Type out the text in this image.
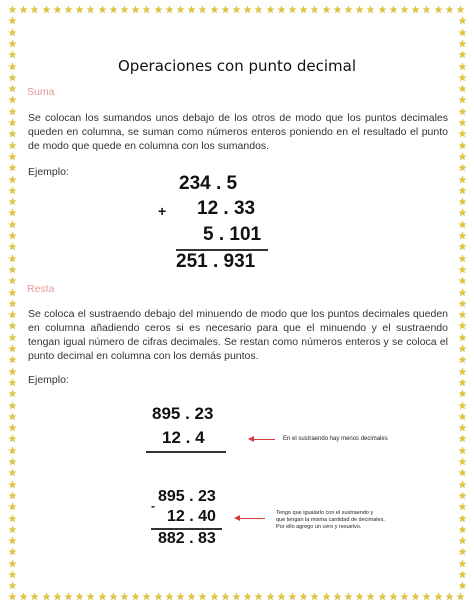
★
★
★
★
★
★
★
★
★
★
★
★
★
★
★
★
★
★
★
★
★
★
★
★
★
★
★
★
★
★
★
★
★
★
★
★
★
★
★
★
★
★
★
★
★
★
★
★
★
★
★
★
★
★
★
★
★
★
★
★
★
★
★
★
★
★
★
★
★
★
★
★
★
★
★
★
★
★
★
★
★
★
★	★
★	★
★	★
★	★
★	★
★	★
★	★
★	★
★	★
★	★
★	★
★	★
★	★
★	★
★	★
★	★
★	★
★	★
★	★
★	★
★	★
★	★
★	★
★	★
★	★
★	★
★	★
★	★
★	★
★	★
★	★
★	★
★	★
★	★
★	★
★	★
★	★
★	★
★	★
★	★
★	★
★	★
★	★
★	★
★	★
★	★
★	★
★	★
★	★
★	★
★	★
Operaciones con punto decimal
Suma

Se colocan los sumandos unos debajo de los otros de modo que los puntos decimales queden en columna, se suman como números enteros poniendo en el resultado el punto de modo que quede en columna con los sumandos.

Ejemplo:
234 . 5
+ 12 . 33
5 . 101
251 . 931
Resta

Se coloca el sustraendo debajo del minuendo de modo que los puntos decimales queden en columna añadiendo ceros si es necesario para que el minuendo y el sustraendo tengan igual número de cifras decimales. Se restan como números enteros y se coloca el punto decimal en columna con los demás puntos.

Ejemplo:
895 . 23
12 . 4	En el sustraendo hay menos decimales
895 . 23
-
12 . 40
882 . 83
Tengo que igualarlo con el sustraendo y
que tengan la misma cantidad de decimales.
Por ello agrego un cero y resuelvo.
